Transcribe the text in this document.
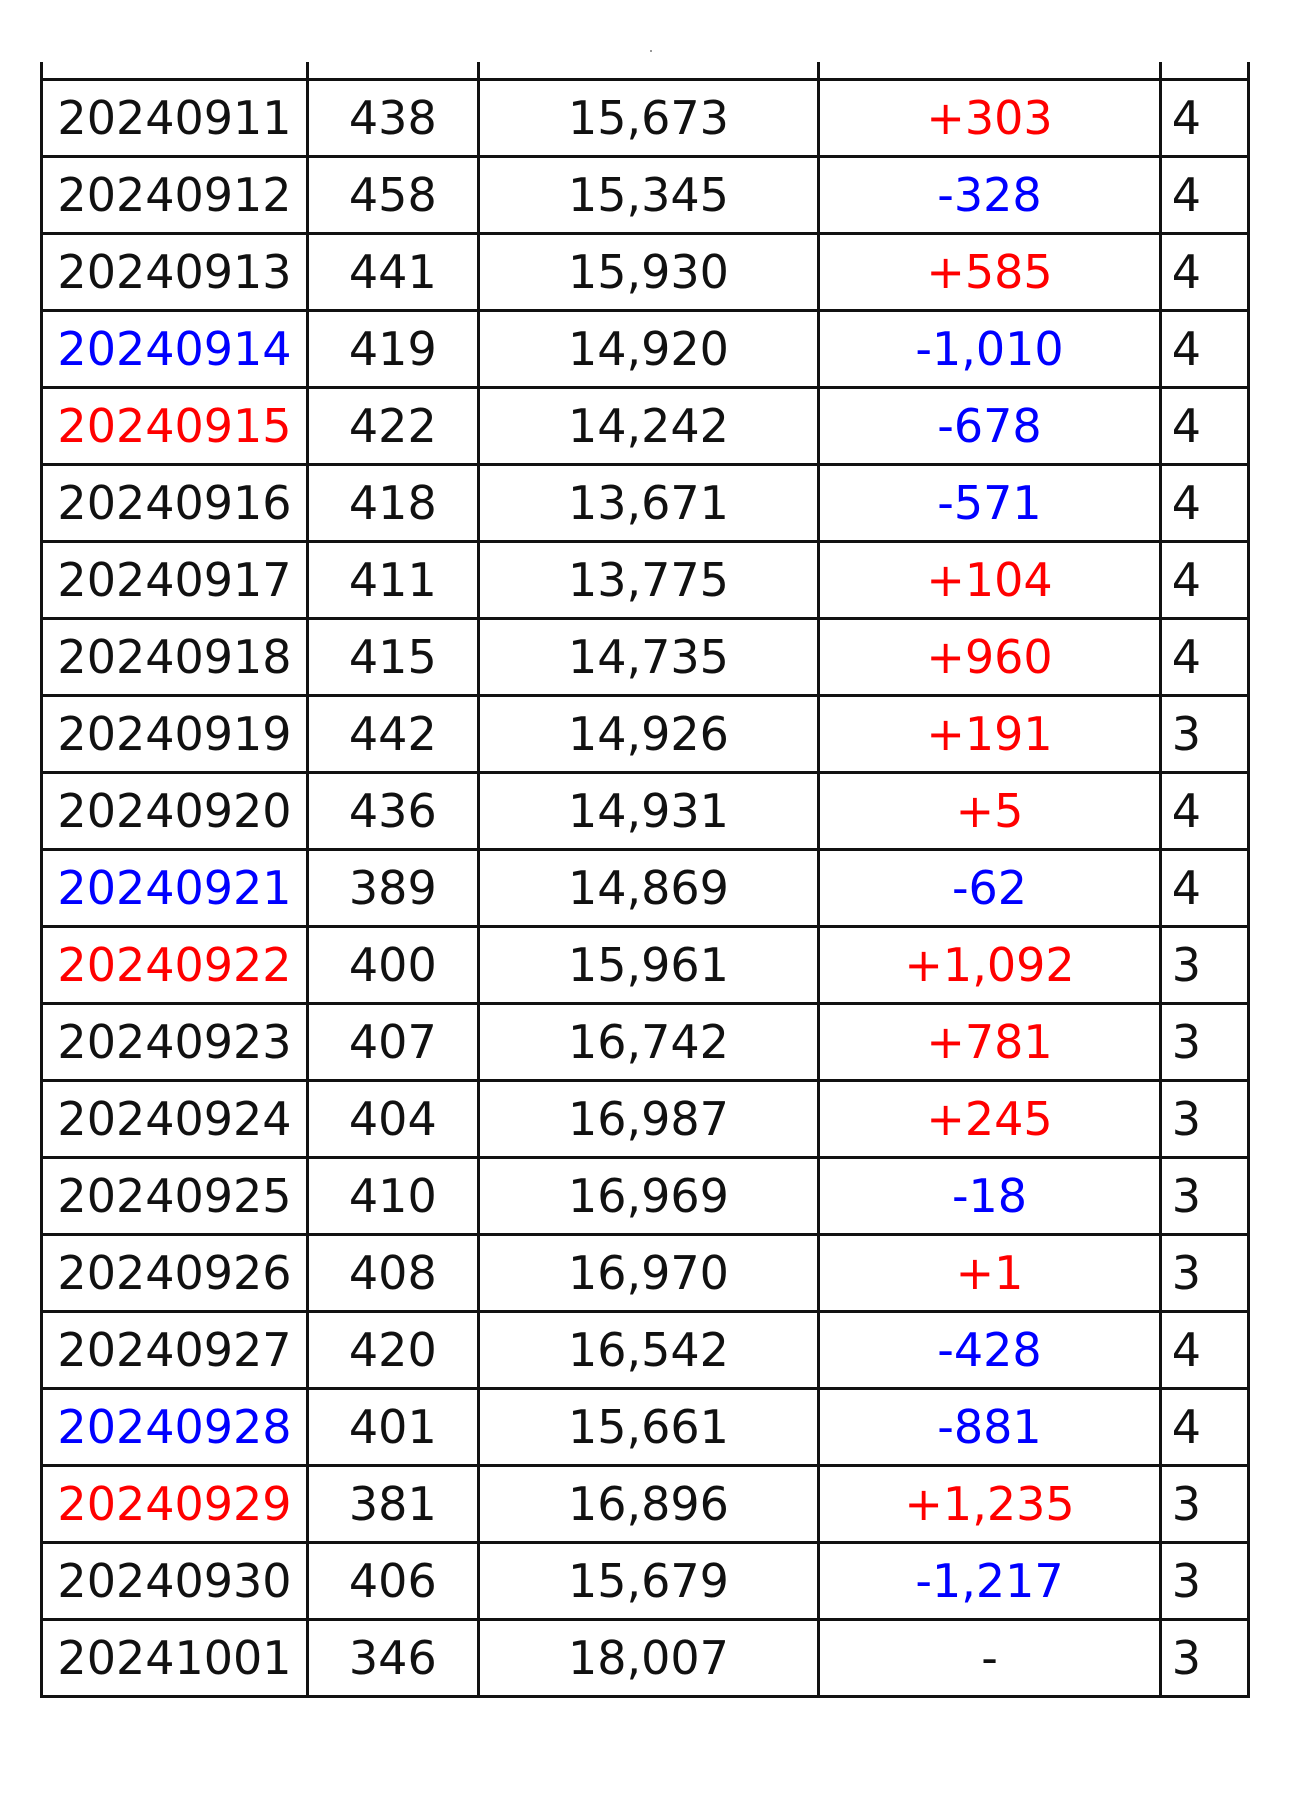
20240911	438	15,673	+303	4
20240912	458	15,345	-328	4
20240913	441	15,930	+585	4
20240914	419	14,920	-1,010	4
20240915	422	14,242	-678	4
20240916	418	13,671	-571	4
20240917	411	13,775	+104	4
20240918	415	14,735	+960	4
20240919	442	14,926	+191	3
20240920	436	14,931	+5	4
20240921	389	14,869	-62	4
20240922	400	15,961	+1,092	3
20240923	407	16,742	+781	3
20240924	404	16,987	+245	3
20240925	410	16,969	-18	3
20240926	408	16,970	+1	3
20240927	420	16,542	-428	4
20240928	401	15,661	-881	4
20240929	381	16,896	+1,235	3
20240930	406	15,679	-1,217	3
20241001	346	18,007	-	3
